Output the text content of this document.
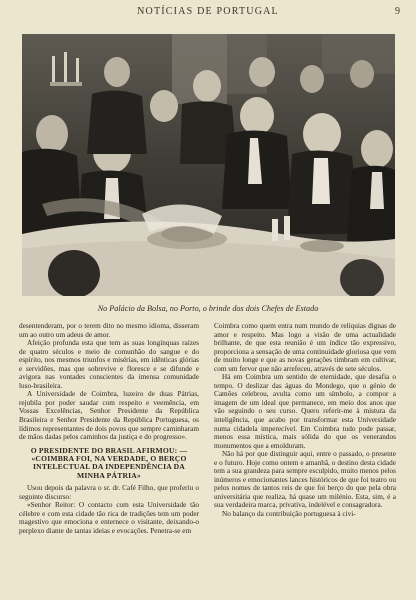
NOTÍCIAS DE PORTUGAL	9
No Palácio da Bolsa, no Porto, o brinde dos dois Chefes de Estado

desentenderam, por o terem dito no mesmo idioma, disseram um ao outro um adeus de amor.

Afeição profunda esta que tem as suas longínquas raízes de quatro séculos e meio de comunhão do sangue e do espírito, nos mesmos triunfos e misérias, em idênticas glórias e servidões, mas que sobrevive e floresce e se difunde e avigora nas vontades conscientes da imensa comunidade luso-brasileira.

A Universidade de Coimbra, luzeiro de duas Pátrias, rejubila por poder saudar com respeito e veemência, em Vossas Excelências, Senhor Presidente da República Brasileira e Senhor Presidente da República Portuguesa, os lídimos representantes de dois povos que sempre caminharam de mãos dadas pelos caminhos da justiça e do progresso».

O PRESIDENTE DO BRASIL AFIRMOU: —
«COIMBRA FOI, NA VERDADE, O BERÇO
INTELECTUAL DA INDEPENDÊNCIA DA
MINHA PÁTRIA»

Usou depois da palavra o sr. dr. Café Filho, que proferiu o seguinte discurso:

«Senhor Reitor: O contacto com esta Universidade tão célebre e com esta cidade tão rica de tradições tem um poder magestivo que emociona e enternece o visitante, deixando-o perplexo diante de tantas ideias e evocações. Penetra-se em

Coimbra como quem entra num mundo de relíquias dignas de amor e respeito. Mas logo a visão de uma actualidade brilhante, de que esta reunião é um índice tão expressivo, proporciona a sensação de uma continuidade gloriosa que vem de muito longe e que as novas gerações timbram em cultivar, com um fervor que não arrefeceu, através de sete séculos.

Há em Coimbra um sentido de eternidade, que desafia o tempo. O deslizar das águas do Mondego, que o génio de Camões celebrou, avulta como um símbolo, a compor a imagem de um ideal que permanece, em meio dos anos que vão seguindo o seu curso. Quero referir-me à mistura da inteligência, que acabo por transformar esta Universidade numa cidadela imperecível. Em Coimbra tudo pode passar, menos essa mística, mais sólida do que os venerandos monumentos que a emolduram.

Não há por que distinguir aqui, entre o passado, o presente e o futuro. Hoje como ontem e amanhã, o destino desta cidade tem a sua grandeza para sempre esculpido, muito menos pelos inúmeros e emocionantes lances históricos de que foi teatro ou pelos nomes de tantos reis de que foi berço do que pela obra universitária que realiza, há quase um milénio. Esta, sim, é a sua verdadeira marca, privativa, indelével e consagradora.

No balanço da contribuição portuguesa à civi-
